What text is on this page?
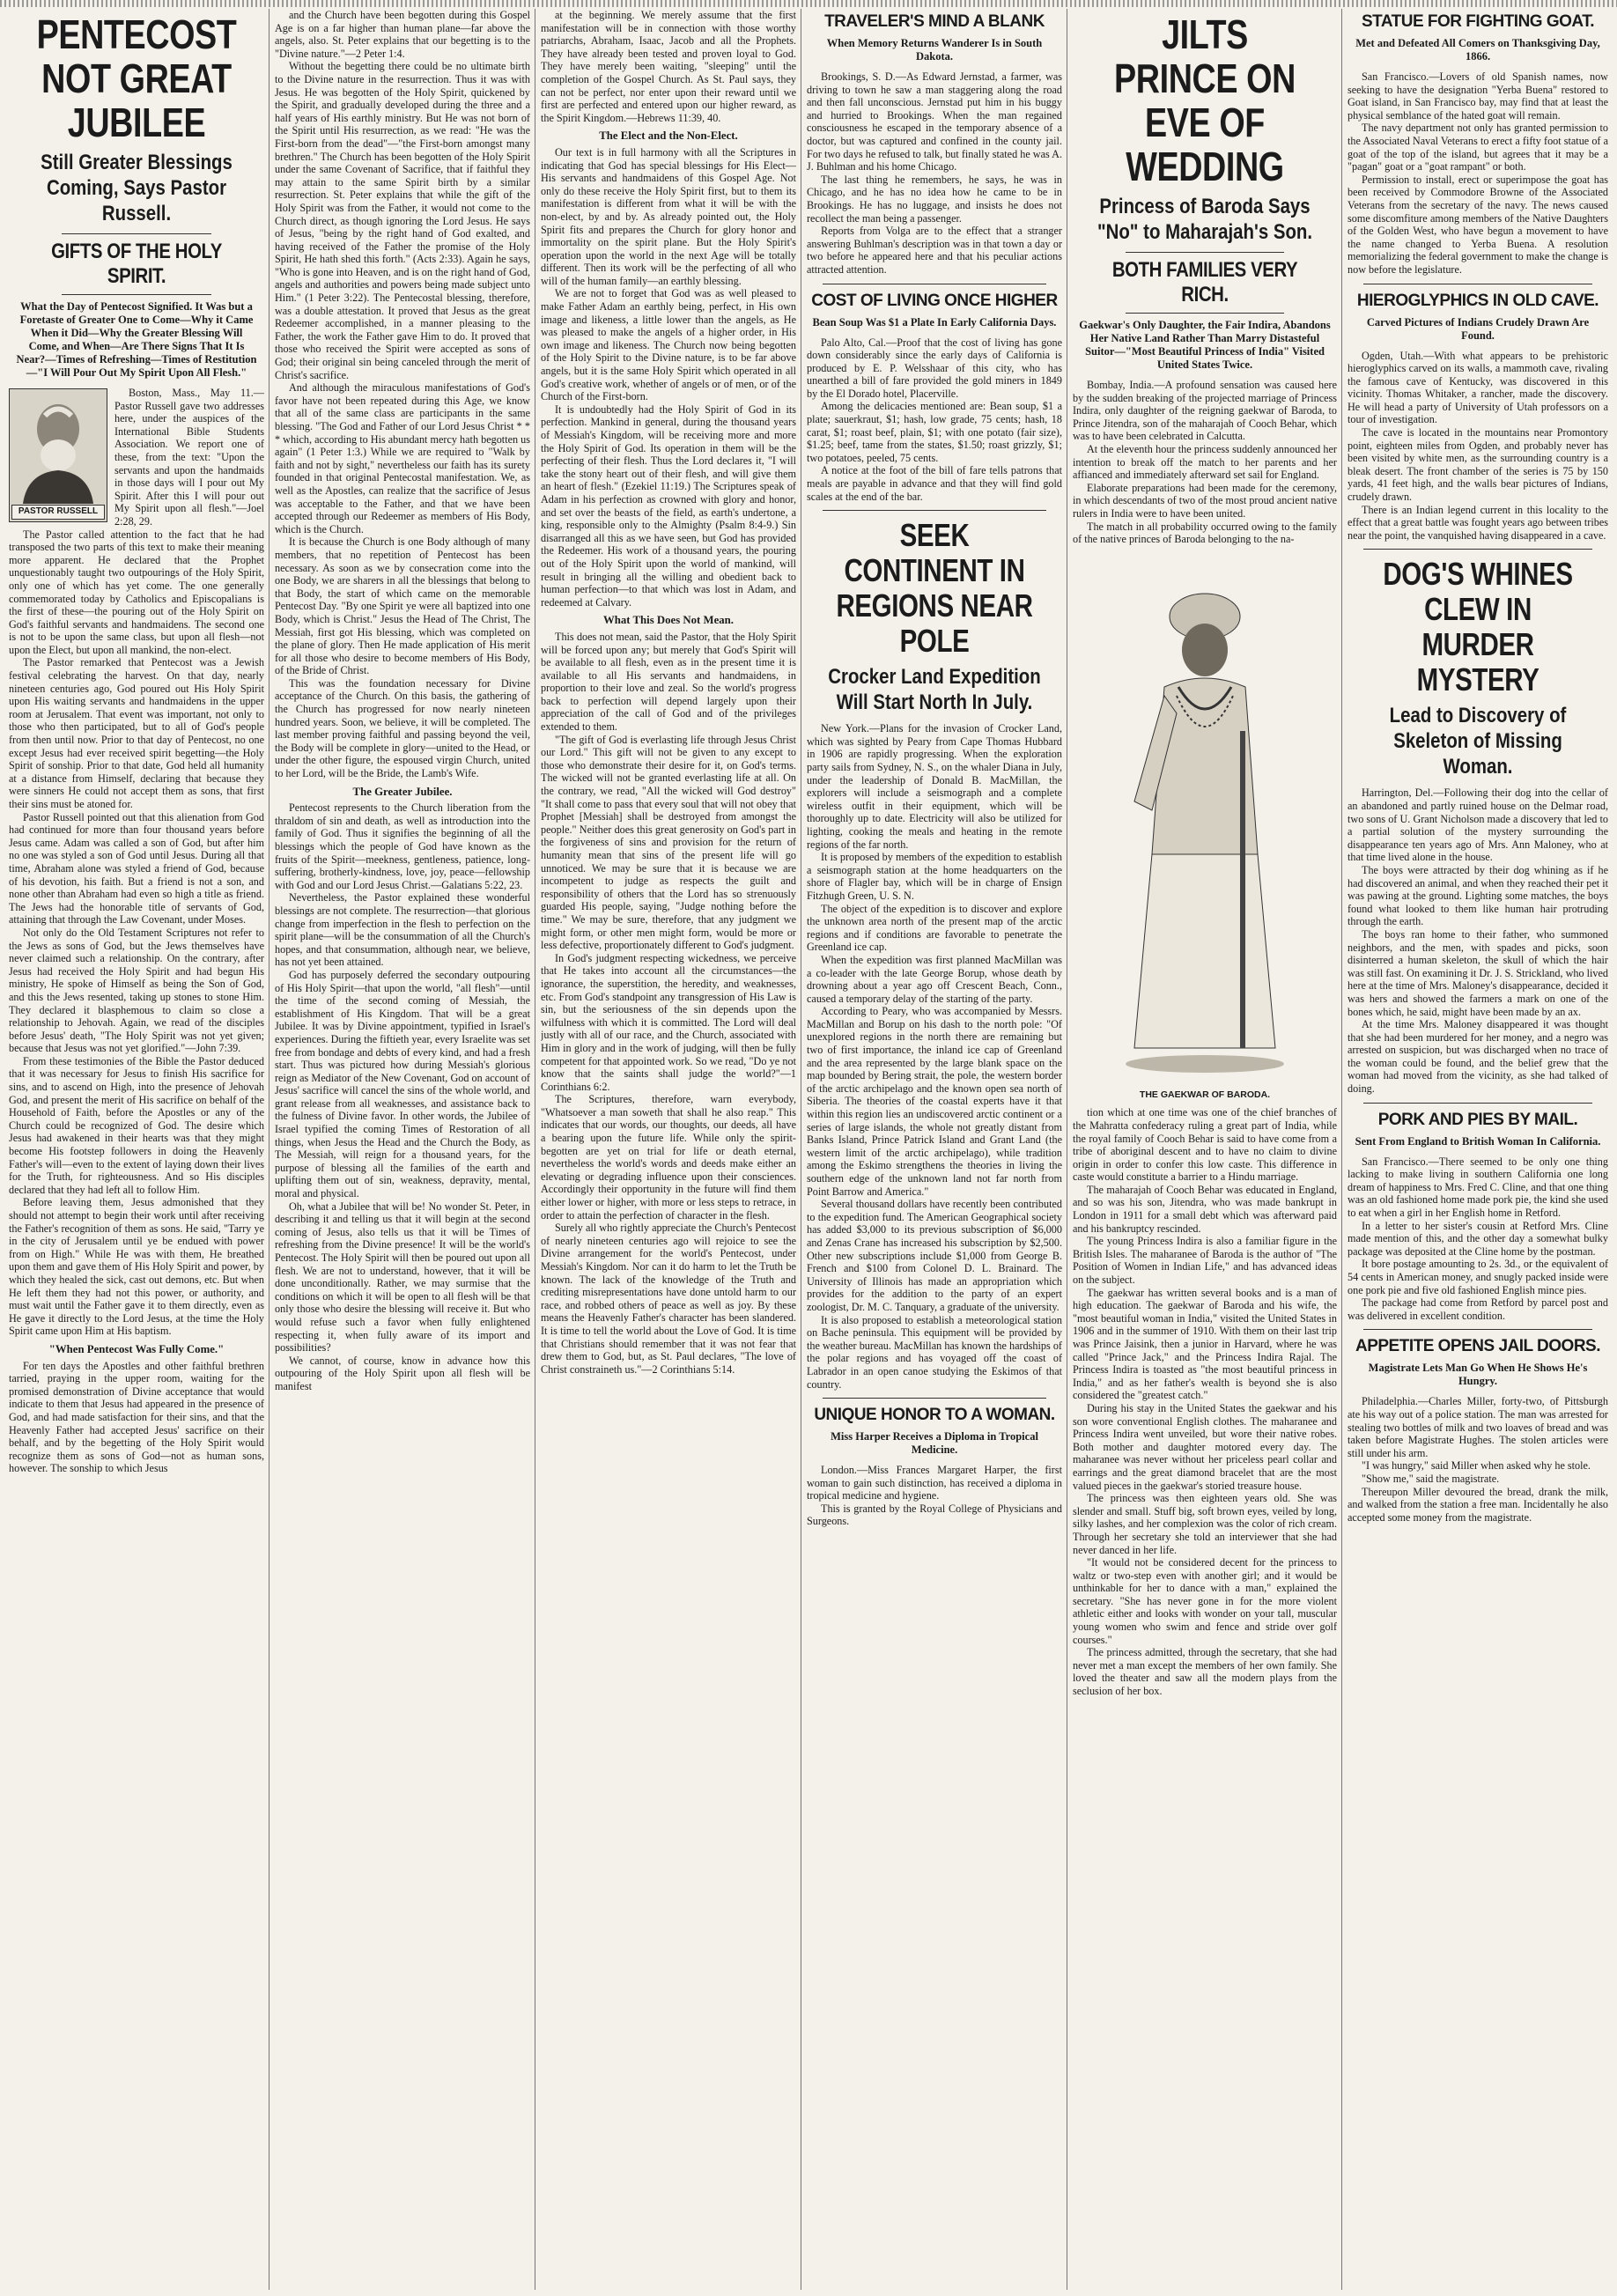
PENTECOST NOT GREAT JUBILEE
Still Greater Blessings Coming, Says Pastor Russell.
GIFTS OF THE HOLY SPIRIT.
What the Day of Pentecost Signified. It Was but a Foretaste of Greater One to Come—Why it Came When it Did—Why the Greater Blessing Will Come, and When—Are There Signs That It Is Near?—Times of Refreshing—Times of Restitution—"I Will Pour Out My Spirit Upon All Flesh."
PASTOR RUSSELL

Boston, Mass., May 11.—Pastor Russell gave two addresses here, under the auspices of the International Bible Students Association. We report one of these, from the text: "Upon the servants and upon the handmaids in those days will I pour out My Spirit. After this I will pour out My Spirit upon all flesh."—Joel 2:28, 29.

The Pastor called attention to the fact that he had transposed the two parts of this text to make their meaning more apparent. He declared that the Prophet unquestionably taught two outpourings of the Holy Spirit, only one of which has yet come. The one generally commemorated today by Catholics and Episcopalians is the first of these—the pouring out of the Holy Spirit on God's faithful servants and handmaidens. The second one is not to be upon the same class, but upon all flesh—not upon the Elect, but upon all mankind, the non-elect.

The Pastor remarked that Pentecost was a Jewish festival celebrating the harvest. On that day, nearly nineteen centuries ago, God poured out His Holy Spirit upon His waiting servants and handmaidens in the upper room at Jerusalem. That event was important, not only to those who then participated, but to all of God's people from then until now. Prior to that day of Pentecost, no one except Jesus had ever received spirit begetting—the Holy Spirit of sonship. Prior to that date, God held all humanity at a distance from Himself, declaring that because they were sinners He could not accept them as sons, that first their sins must be atoned for.

Pastor Russell pointed out that this alienation from God had continued for more than four thousand years before Jesus came. Adam was called a son of God, but after him no one was styled a son of God until Jesus. During all that time, Abraham alone was styled a friend of God, because of his devotion, his faith. But a friend is not a son, and none other than Abraham had even so high a title as friend. The Jews had the honorable title of servants of God, attaining that through the Law Covenant, under Moses.

Not only do the Old Testament Scriptures not refer to the Jews as sons of God, but the Jews themselves have never claimed such a relationship. On the contrary, after Jesus had received the Holy Spirit and had begun His ministry, He spoke of Himself as being the Son of God, and this the Jews resented, taking up stones to stone Him. They declared it blasphemous to claim so close a relationship to Jehovah. Again, we read of the disciples before Jesus' death, "The Holy Spirit was not yet given; because that Jesus was not yet glorified."—John 7:39.

From these testimonies of the Bible the Pastor deduced that it was necessary for Jesus to finish His sacrifice for sins, and to ascend on High, into the presence of Jehovah God, and present the merit of His sacrifice on behalf of the Household of Faith, before the Apostles or any of the Church could be recognized of God. The desire which Jesus had awakened in their hearts was that they might become His footstep followers in doing the Heavenly Father's will—even to the extent of laying down their lives for the Truth, for righteousness. And so His disciples declared that they had left all to follow Him.

Before leaving them, Jesus admonished that they should not attempt to begin their work until after receiving the Father's recognition of them as sons. He said, "Tarry ye in the city of Jerusalem until ye be endued with power from on High." While He was with them, He breathed upon them and gave them of His Holy Spirit and power, by which they healed the sick, cast out demons, etc. But when He left them they had not this power, or authority, and must wait until the Father gave it to them directly, even as He gave it directly to the Lord Jesus, at the time the Holy Spirit came upon Him at His baptism.

"When Pentecost Was Fully Come."

For ten days the Apostles and other faithful brethren tarried, praying in the upper room, waiting for the promised demonstration of Divine acceptance that would indicate to them that Jesus had appeared in the presence of God, and had made satisfaction for their sins, and that the Heavenly Father had accepted Jesus' sacrifice on their behalf, and by the begetting of the Holy Spirit would recognize them as sons of God—not as human sons, however. The sonship to which Jesus

and the Church have been begotten during this Gospel Age is on a far higher than human plane—far above the angels, also. St. Peter explains that our begetting is to the "Divine nature."—2 Peter 1:4.

Without the begetting there could be no ultimate birth to the Divine nature in the resurrection. Thus it was with Jesus. He was begotten of the Holy Spirit, quickened by the Spirit, and gradually developed during the three and a half years of His earthly ministry. But He was not born of the Spirit until His resurrection, as we read: "He was the First-born from the dead"—"the First-born amongst many brethren." The Church has been begotten of the Holy Spirit under the same Covenant of Sacrifice, that if faithful they may attain to the same Spirit birth by a similar resurrection. St. Peter explains that while the gift of the Holy Spirit was from the Father, it would not come to the Church direct, as though ignoring the Lord Jesus. He says of Jesus, "being by the right hand of God exalted, and having received of the Father the promise of the Holy Spirit, He hath shed this forth." (Acts 2:33). Again he says, "Who is gone into Heaven, and is on the right hand of God, angels and authorities and powers being made subject unto Him." (1 Peter 3:22). The Pentecostal blessing, therefore, was a double attestation. It proved that Jesus as the great Redeemer accomplished, in a manner pleasing to the Father, the work the Father gave Him to do. It proved that those who received the Spirit were accepted as sons of God; their original sin being canceled through the merit of Christ's sacrifice.

And although the miraculous manifestations of God's favor have not been repeated during this Age, we know that all of the same class are participants in the same blessing. "The God and Father of our Lord Jesus Christ * * * which, according to His abundant mercy hath begotten us again" (1 Peter 1:3.) While we are required to "Walk by faith and not by sight," nevertheless our faith has its surety founded in that original Pentecostal manifestation. We, as well as the Apostles, can realize that the sacrifice of Jesus was acceptable to the Father, and that we have been accepted through our Redeemer as members of His Body, which is the Church.

It is because the Church is one Body although of many members, that no repetition of Pentecost has been necessary. As soon as we by consecration come into the one Body, we are sharers in all the blessings that belong to that Body, the start of which came on the memorable Pentecost Day. "By one Spirit ye were all baptized into one Body, which is Christ." Jesus the Head of The Christ, The Messiah, first got His blessing, which was completed on the plane of glory. Then He made application of His merit for all those who desire to become members of His Body, of the Bride of Christ.

This was the foundation necessary for Divine acceptance of the Church. On this basis, the gathering of the Church has progressed for now nearly nineteen hundred years. Soon, we believe, it will be completed. The last member proving faithful and passing beyond the veil, the Body will be complete in glory—united to the Head, or under the other figure, the espoused virgin Church, united to her Lord, will be the Bride, the Lamb's Wife.

The Greater Jubilee.

Pentecost represents to the Church liberation from the thraldom of sin and death, as well as introduction into the family of God. Thus it signifies the beginning of all the blessings which the people of God have known as the fruits of the Spirit—meekness, gentleness, patience, long-suffering, brotherly-kindness, love, joy, peace—fellowship with God and our Lord Jesus Christ.—Galatians 5:22, 23.

Nevertheless, the Pastor explained these wonderful blessings are not complete. The resurrection—that glorious change from imperfection in the flesh to perfection on the spirit plane—will be the consummation of all the Church's hopes, and that consummation, although near, we believe, has not yet been attained.

God has purposely deferred the secondary outpouring of His Holy Spirit—that upon the world, "all flesh"—until the time of the second coming of Messiah, the establishment of His Kingdom. That will be a great Jubilee. It was by Divine appointment, typified in Israel's experiences. During the fiftieth year, every Israelite was set free from bondage and debts of every kind, and had a fresh start. Thus was pictured how during Messiah's glorious reign as Mediator of the New Covenant, God on account of Jesus' sacrifice will cancel the sins of the whole world, and grant release from all weaknesses, and assistance back to the fulness of Divine favor. In other words, the Jubilee of Israel typified the coming Times of Restoration of all things, when Jesus the Head and the Church the Body, as The Messiah, will reign for a thousand years, for the purpose of blessing all the families of the earth and uplifting them out of sin, weakness, depravity, mental, moral and physical.

Oh, what a Jubilee that will be! No wonder St. Peter, in describing it and telling us that it will begin at the second coming of Jesus, also tells us that it will be Times of refreshing from the Divine presence! It will be the world's Pentecost. The Holy Spirit will then be poured out upon all flesh. We are not to understand, however, that it will be done unconditionally. Rather, we may surmise that the conditions on which it will be open to all flesh will be that only those who desire the blessing will receive it. But who would refuse such a favor when fully enlightened respecting it, when fully aware of its import and possibilities?

We cannot, of course, know in advance how this outpouring of the Holy Spirit upon all flesh will be manifest

at the beginning. We merely assume that the first manifestation will be in connection with those worthy patriarchs, Abraham, Isaac, Jacob and all the Prophets. They have already been tested and proven loyal to God. They have merely been waiting, "sleeping" until the completion of the Gospel Church. As St. Paul says, they can not be perfect, nor enter upon their reward until we first are perfected and entered upon our higher reward, as the Spirit Kingdom.—Hebrews 11:39, 40.

The Elect and the Non-Elect.

Our text is in full harmony with all the Scriptures in indicating that God has special blessings for His Elect—His servants and handmaidens of this Gospel Age. Not only do these receive the Holy Spirit first, but to them its manifestation is different from what it will be with the non-elect, by and by. As already pointed out, the Holy Spirit fits and prepares the Church for glory honor and immortality on the spirit plane. But the Holy Spirit's operation upon the world in the next Age will be totally different. Then its work will be the perfecting of all who will of the human family—an earthly blessing.

We are not to forget that God was as well pleased to make Father Adam an earthly being, perfect, in His own image and likeness, a little lower than the angels, as He was pleased to make the angels of a higher order, in His own image and likeness. The Church now being begotten of the Holy Spirit to the Divine nature, is to be far above angels, but it is the same Holy Spirit which operated in all God's creative work, whether of angels or of men, or of the Church of the First-born.

It is undoubtedly had the Holy Spirit of God in its perfection. Mankind in general, during the thousand years of Messiah's Kingdom, will be receiving more and more the Holy Spirit of God. Its operation in them will be the perfecting of their flesh. Thus the Lord declares it, "I will take the stony heart out of their flesh, and will give them an heart of flesh." (Ezekiel 11:19.) The Scriptures speak of Adam in his perfection as crowned with glory and honor, and set over the beasts of the field, as earth's undertone, a king, responsible only to the Almighty (Psalm 8:4-9.) Sin disarranged all this as we have seen, but God has provided the Redeemer. His work of a thousand years, the pouring out of the Holy Spirit upon the world of mankind, will result in bringing all the willing and obedient back to human perfection—to that which was lost in Adam, and redeemed at Calvary.

What This Does Not Mean.

This does not mean, said the Pastor, that the Holy Spirit will be forced upon any; but merely that God's Spirit will be available to all flesh, even as in the present time it is available to all His servants and handmaidens, in proportion to their love and zeal. So the world's progress back to perfection will depend largely upon their appreciation of the call of God and of the privileges extended to them.

"The gift of God is everlasting life through Jesus Christ our Lord." This gift will not be given to any except to those who demonstrate their desire for it, on God's terms. The wicked will not be granted everlasting life at all. On the contrary, we read, "All the wicked will God destroy" "It shall come to pass that every soul that will not obey that Prophet [Messiah] shall be destroyed from amongst the people." Neither does this great generosity on God's part in the forgiveness of sins and provision for the return of humanity mean that sins of the present life will go unnoticed. We may be sure that it is because we are incompetent to judge as respects the guilt and responsibility of others that the Lord has so strenuously guarded His people, saying, "Judge nothing before the time." We may be sure, therefore, that any judgment we might form, or other men might form, would be more or less defective, proportionately different to God's judgment.

In God's judgment respecting wickedness, we perceive that He takes into account all the circumstances—the ignorance, the superstition, the heredity, and weaknesses, etc. From God's standpoint any transgression of His Law is sin, but the seriousness of the sin depends upon the wilfulness with which it is committed. The Lord will deal justly with all of our race, and the Church, associated with Him in glory and in the work of judging, will then be fully competent for that appointed work. So we read, "Do ye not know that the saints shall judge the world?"—1 Corinthians 6:2.

The Scriptures, therefore, warn everybody, "Whatsoever a man soweth that shall he also reap." This indicates that our words, our thoughts, our deeds, all have a bearing upon the future life. While only the spirit-begotten are yet on trial for life or death eternal, nevertheless the world's words and deeds make either an elevating or degrading influence upon their consciences. Accordingly their opportunity in the future will find them either lower or higher, with more or less steps to retrace, in order to attain the perfection of character in the flesh.

Surely all who rightly appreciate the Church's Pentecost of nearly nineteen centuries ago will rejoice to see the Divine arrangement for the world's Pentecost, under Messiah's Kingdom. Nor can it do harm to let the Truth be known. The lack of the knowledge of the Truth and crediting misrepresentations have done untold harm to our race, and robbed others of peace as well as joy. By these means the Heavenly Father's character has been slandered. It is time to tell the world about the Love of God. It is time that Christians should remember that it was not fear that drew them to God, but, as St. Paul declares, "The love of Christ constraineth us."—2 Corinthians 5:14.

TRAVELER'S MIND A BLANK
When Memory Returns Wanderer Is in South Dakota.

Brookings, S. D.—As Edward Jernstad, a farmer, was driving to town he saw a man staggering along the road and then fall unconscious. Jernstad put him in his buggy and hurried to Brookings. When the man regained consciousness he escaped in the temporary absence of a doctor, but was captured and confined in the county jail. For two days he refused to talk, but finally stated he was A. J. Buhlman and his home Chicago.

The last thing he remembers, he says, he was in Chicago, and he has no idea how he came to be in Brookings. He has no luggage, and insists he does not recollect the man being a passenger.

Reports from Volga are to the effect that a stranger answering Buhlman's description was in that town a day or two before he appeared here and that his peculiar actions attracted attention.

COST OF LIVING ONCE HIGHER
Bean Soup Was $1 a Plate In Early California Days.

Palo Alto, Cal.—Proof that the cost of living has gone down considerably since the early days of California is produced by E. P. Welsshaar of this city, who has unearthed a bill of fare provided the gold miners in 1849 by the El Dorado hotel, Placerville.

Among the delicacies mentioned are: Bean soup, $1 a plate; sauerkraut, $1; hash, low grade, 75 cents; hash, 18 carat, $1; roast beef, plain, $1; with one potato (fair size), $1.25; beef, tame from the states, $1.50; roast grizzly, $1; two potatoes, peeled, 75 cents.

A notice at the foot of the bill of fare tells patrons that meals are payable in advance and that they will find gold scales at the end of the bar.

SEEK CONTINENT IN REGIONS NEAR POLE
Crocker Land Expedition Will Start North In July.

New York.—Plans for the invasion of Crocker Land, which was sighted by Peary from Cape Thomas Hubbard in 1906 are rapidly progressing. When the exploration party sails from Sydney, N. S., on the whaler Diana in July, under the leadership of Donald B. MacMillan, the explorers will include a seismograph and a complete wireless outfit in their equipment, which will be thoroughly up to date. Electricity will also be utilized for lighting, cooking the meals and heating in the remote regions of the far north.

It is proposed by members of the expedition to establish a seismograph station at the home headquarters on the shore of Flagler bay, which will be in charge of Ensign Fitzhugh Green, U. S. N.

The object of the expedition is to discover and explore the unknown area north of the present map of the arctic regions and if conditions are favorable to penetrate the Greenland ice cap.

When the expedition was first planned MacMillan was a co-leader with the late George Borup, whose death by drowning about a year ago off Crescent Beach, Conn., caused a temporary delay of the starting of the party.

According to Peary, who was accompanied by Messrs. MacMillan and Borup on his dash to the north pole: "Of unexplored regions in the north there are remaining but two of first importance, the inland ice cap of Greenland and the area represented by the large blank space on the map bounded by Bering strait, the pole, the western border of the arctic archipelago and the known open sea north of Siberia. The theories of the coastal experts have it that within this region lies an undiscovered arctic continent or a series of large islands, the whole not greatly distant from Banks Island, Prince Patrick Island and Grant Land (the western limit of the arctic archipelago), while tradition among the Eskimo strengthens the theories in living the southern edge of the unknown land not far north from Point Barrow and America."

Several thousand dollars have recently been contributed to the expedition fund. The American Geographical society has added $3,000 to its previous subscription of $6,000 and Zenas Crane has increased his subscription by $2,500. Other new subscriptions include $1,000 from George B. French and $100 from Colonel D. L. Brainard. The University of Illinois has made an appropriation which provides for the addition to the party of an expert zoologist, Dr. M. C. Tanquary, a graduate of the university.

It is also proposed to establish a meteorological station on Bache peninsula. This equipment will be provided by the weather bureau. MacMillan has known the hardships of the polar regions and has voyaged off the coast of Labrador in an open canoe studying the Eskimos of that country.

UNIQUE HONOR TO A WOMAN.
Miss Harper Receives a Diploma in Tropical Medicine.

London.—Miss Frances Margaret Harper, the first woman to gain such distinction, has received a diploma in tropical medicine and hygiene.

This is granted by the Royal College of Physicians and Surgeons.

JILTS PRINCE ON EVE OF WEDDING
Princess of Baroda Says "No" to Maharajah's Son.
BOTH FAMILIES VERY RICH.
Gaekwar's Only Daughter, the Fair Indira, Abandons Her Native Land Rather Than Marry Distasteful Suitor—"Most Beautiful Princess of India" Visited United States Twice.

Bombay, India.—A profound sensation was caused here by the sudden breaking of the projected marriage of Princess Indira, only daughter of the reigning gaekwar of Baroda, to Prince Jitendra, son of the maharajah of Cooch Behar, which was to have been celebrated in Calcutta.

At the eleventh hour the princess suddenly announced her intention to break off the match to her parents and her affianced and immediately afterward set sail for England.

Elaborate preparations had been made for the ceremony, in which descendants of two of the most proud ancient native rulers in India were to have been united.

The match in all probability occurred owing to the family of the native princes of Baroda belonging to the na-

THE GAEKWAR OF BARODA.

tion which at one time was one of the chief branches of the Mahratta confederacy ruling a great part of India, while the royal family of Cooch Behar is said to have come from a tribe of aboriginal descent and to have no claim to divine origin in order to confer this low caste. This difference in caste would constitute a barrier to a Hindu marriage.

The maharajah of Cooch Behar was educated in England, and so was his son, Jitendra, who was made bankrupt in London in 1911 for a small debt which was afterward paid and his bankruptcy rescinded.

The young Princess Indira is also a familiar figure in the British Isles. The maharanee of Baroda is the author of "The Position of Women in Indian Life," and has advanced ideas on the subject.

The gaekwar has written several books and is a man of high education. The gaekwar of Baroda and his wife, the "most beautiful woman in India," visited the United States in 1906 and in the summer of 1910. With them on their last trip was Prince Jaisink, then a junior in Harvard, where he was called "Prince Jack," and the Princess Indira Rajal. The Princess Indira is toasted as "the most beautiful princess in India," and as her father's wealth is beyond she is also considered the "greatest catch."

During his stay in the United States the gaekwar and his son wore conventional English clothes. The maharanee and Princess Indira went unveiled, but wore their native robes. Both mother and daughter motored every day. The maharanee was never without her priceless pearl collar and earrings and the great diamond bracelet that are the most valued pieces in the gaekwar's storied treasure house.

The princess was then eighteen years old. She was slender and small. Stuff big, soft brown eyes, veiled by long, silky lashes, and her complexion was the color of rich cream. Through her secretary she told an interviewer that she had never danced in her life.

"It would not be considered decent for the princess to waltz or two-step even with another girl; and it would be unthinkable for her to dance with a man," explained the secretary. "She has never gone in for the more violent athletic either and looks with wonder on your tall, muscular young women who swim and fence and stride over golf courses."

The princess admitted, through the secretary, that she had never met a man except the members of her own family. She loved the theater and saw all the modern plays from the seclusion of her box.

STATUE FOR FIGHTING GOAT.
Met and Defeated All Comers on Thanksgiving Day, 1866.

San Francisco.—Lovers of old Spanish names, now seeking to have the designation "Yerba Buena" restored to Goat island, in San Francisco bay, may find that at least the physical semblance of the hated goat will remain.

The navy department not only has granted permission to the Associated Naval Veterans to erect a fifty foot statue of a goat of the top of the island, but agrees that it may be a "pagan" goat or a "goat rampant" or both.

Permission to install, erect or superimpose the goat has been received by Commodore Browne of the Associated Veterans from the secretary of the navy. The news caused some discomfiture among members of the Native Daughters of the Golden West, who have begun a movement to have the name changed to Yerba Buena. A resolution memorializing the federal government to make the change is now before the legislature.

HIEROGLYPHICS IN OLD CAVE.
Carved Pictures of Indians Crudely Drawn Are Found.

Ogden, Utah.—With what appears to be prehistoric hieroglyphics carved on its walls, a mammoth cave, rivaling the famous cave of Kentucky, was discovered in this vicinity. Thomas Whitaker, a rancher, made the discovery. He will head a party of University of Utah professors on a tour of investigation.

The cave is located in the mountains near Promontory point, eighteen miles from Ogden, and probably never has been visited by white men, as the surrounding country is a bleak desert. The front chamber of the series is 75 by 150 yards, 41 feet high, and the walls bear pictures of Indians, crudely drawn.

There is an Indian legend current in this locality to the effect that a great battle was fought years ago between tribes near the point, the vanquished having disappeared in a cave.

DOG'S WHINES CLEW IN MURDER MYSTERY
Lead to Discovery of Skeleton of Missing Woman.

Harrington, Del.—Following their dog into the cellar of an abandoned and partly ruined house on the Delmar road, two sons of U. Grant Nicholson made a discovery that led to a partial solution of the mystery surrounding the disappearance ten years ago of Mrs. Ann Maloney, who at that time lived alone in the house.

The boys were attracted by their dog whining as if he had discovered an animal, and when they reached their pet it was pawing at the ground. Lighting some matches, the boys found what looked to them like human hair protruding through the earth.

The boys ran home to their father, who summoned neighbors, and the men, with spades and picks, soon disinterred a human skeleton, the skull of which the hair was still fast. On examining it Dr. J. S. Strickland, who lived here at the time of Mrs. Maloney's disappearance, decided it was hers and showed the farmers a mark on one of the bones which, he said, might have been made by an ax.

At the time Mrs. Maloney disappeared it was thought that she had been murdered for her money, and a negro was arrested on suspicion, but was discharged when no trace of the woman could be found, and the belief grew that the woman had moved from the vicinity, as she had talked of doing.

PORK AND PIES BY MAIL.
Sent From England to British Woman In California.

San Francisco.—There seemed to be only one thing lacking to make living in southern California one long dream of happiness to Mrs. Fred C. Cline, and that one thing was an old fashioned home made pork pie, the kind she used to eat when a girl in her English home in Retford.

In a letter to her sister's cousin at Retford Mrs. Cline made mention of this, and the other day a somewhat bulky package was deposited at the Cline home by the postman.

It bore postage amounting to 2s. 3d., or the equivalent of 54 cents in American money, and snugly packed inside were one pork pie and five old fashioned English mince pies.

The package had come from Retford by parcel post and was delivered in excellent condition.

APPETITE OPENS JAIL DOORS.
Magistrate Lets Man Go When He Shows He's Hungry.

Philadelphia.—Charles Miller, forty-two, of Pittsburgh ate his way out of a police station. The man was arrested for stealing two bottles of milk and two loaves of bread and was taken before Magistrate Hughes. The stolen articles were still under his arm.

"I was hungry," said Miller when asked why he stole.

"Show me," said the magistrate.

Thereupon Miller devoured the bread, drank the milk, and walked from the station a free man. Incidentally he also accepted some money from the magistrate.
